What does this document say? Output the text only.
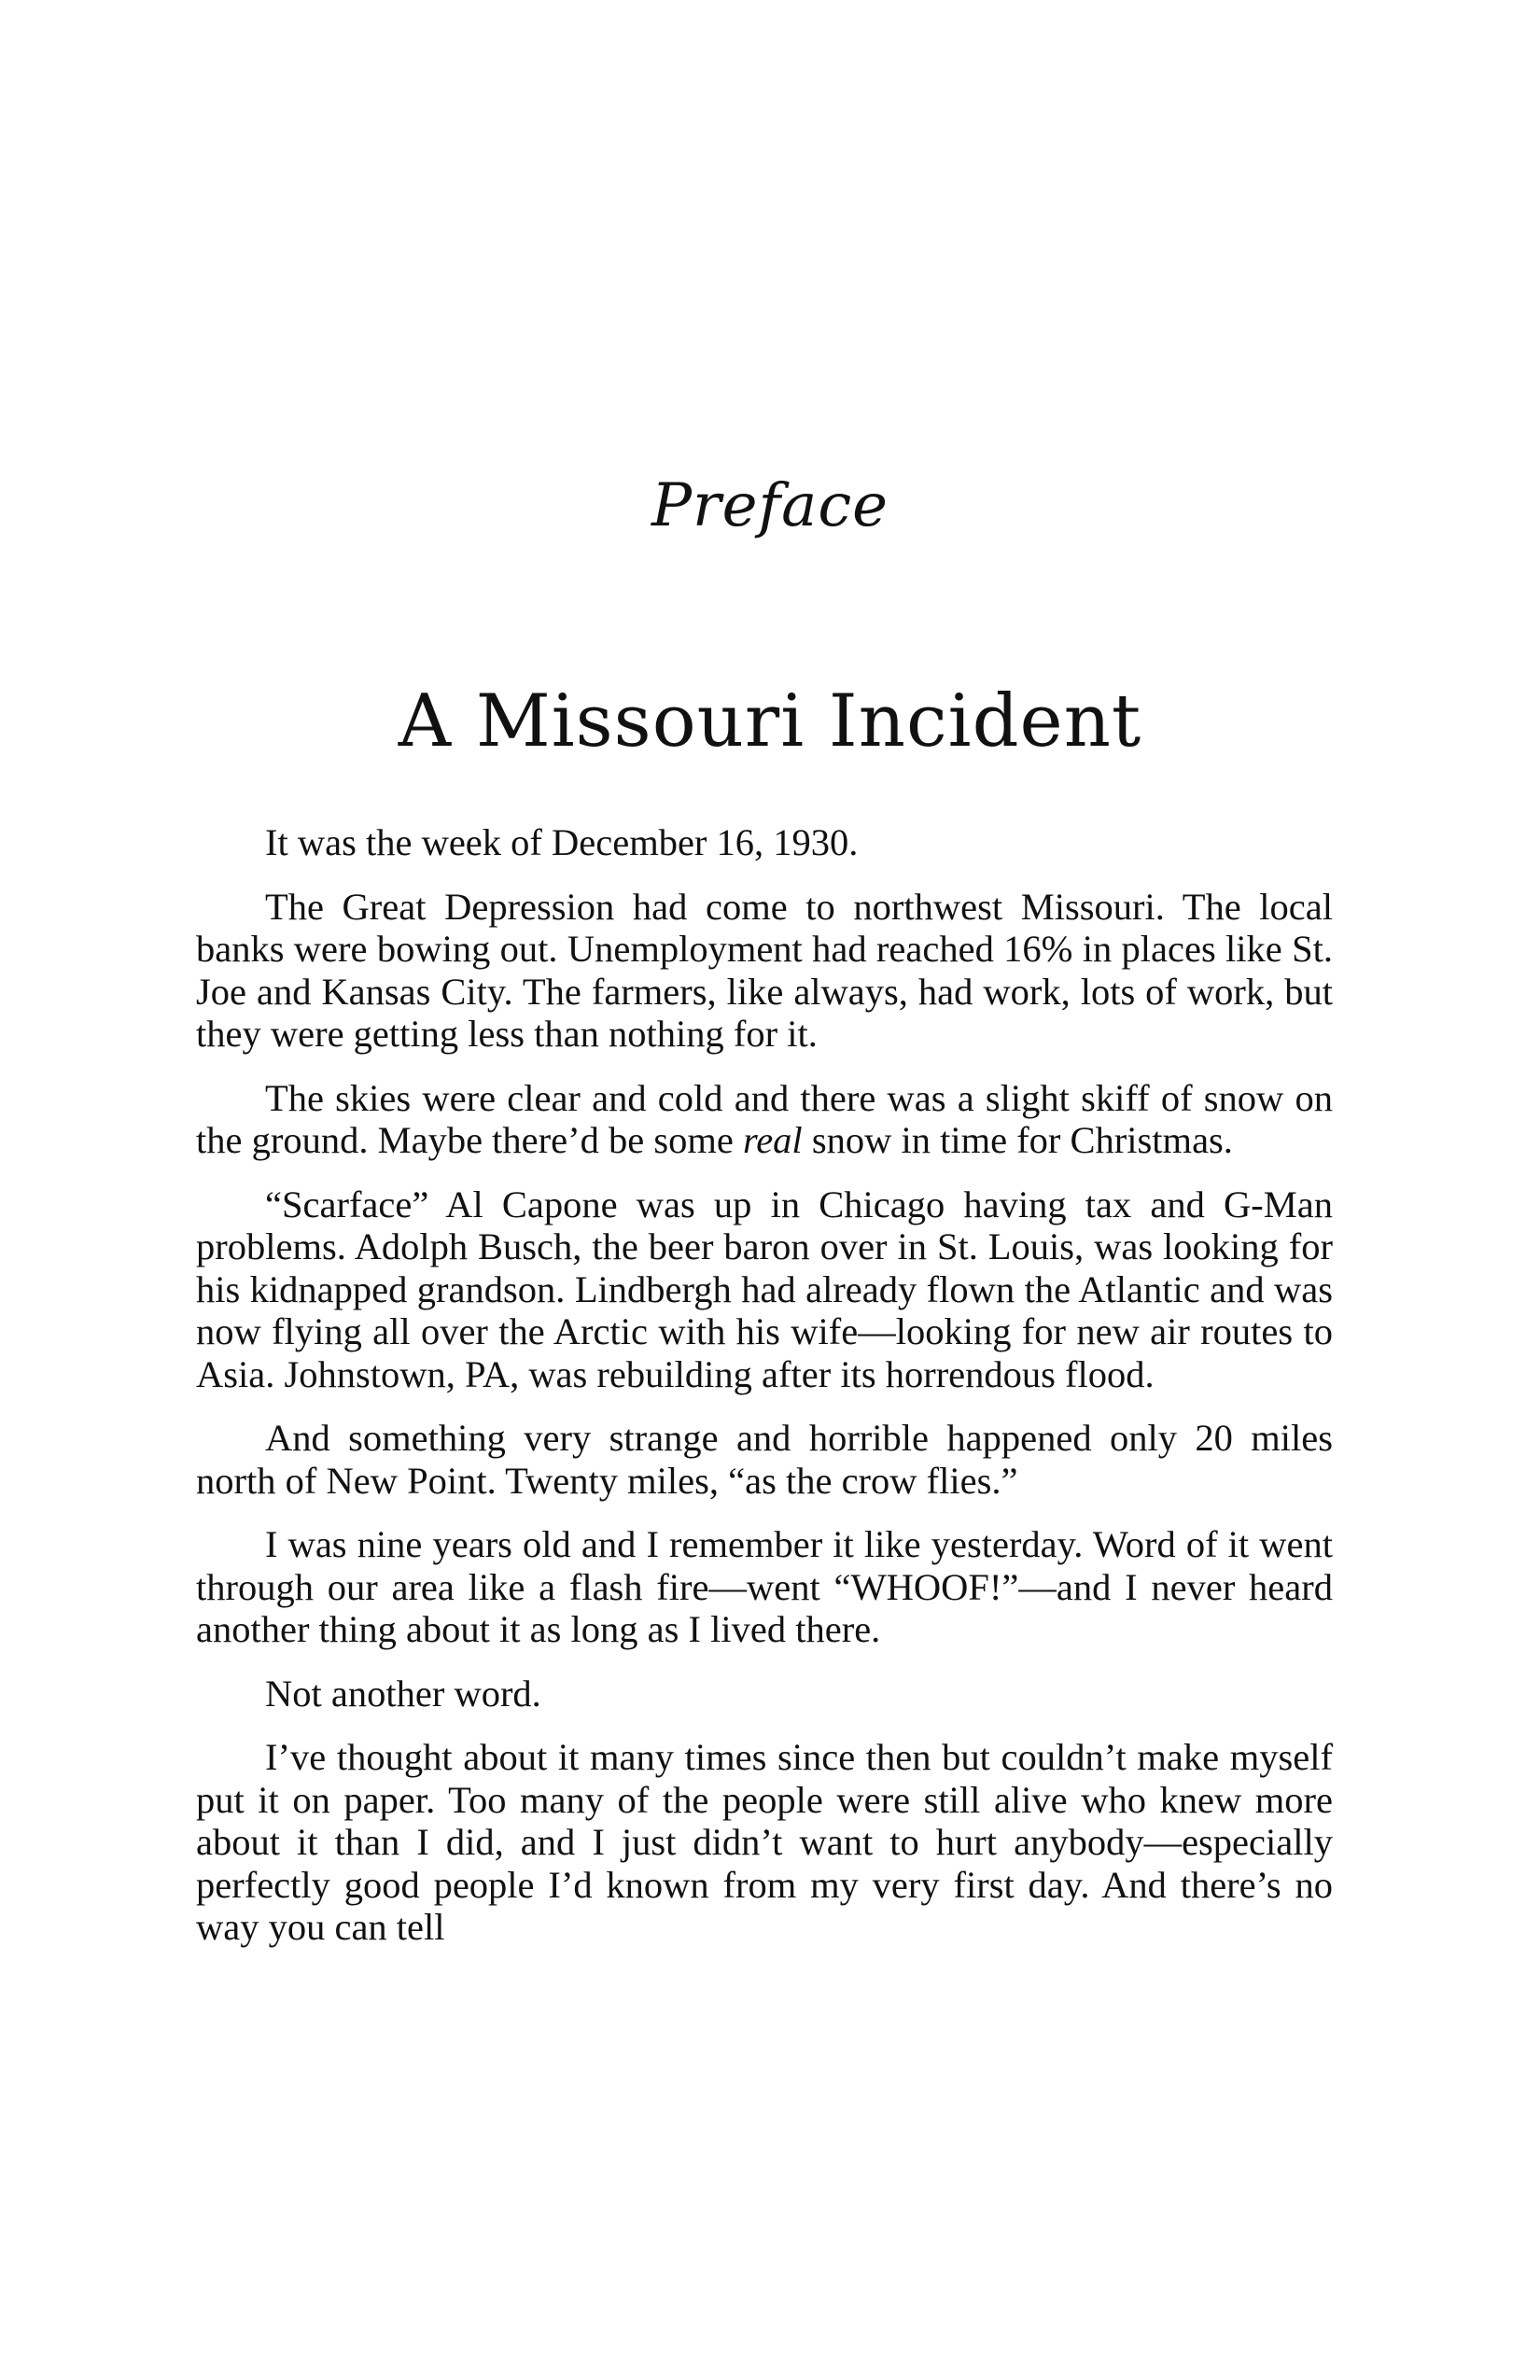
Preface
A Missouri Incident

It was the week of December 16, 1930.

The Great Depression had come to northwest Missouri. The local banks were bowing out. Unemployment had reached 16% in places like St. Joe and Kansas City. The farmers, like always, had work, lots of work, but they were getting less than nothing for it.

The skies were clear and cold and there was a slight skiff of snow on the ground. Maybe there’d be some real snow in time for Christmas.

“Scarface” Al Capone was up in Chicago having tax and G-Man problems. Adolph Busch, the beer baron over in St. Louis, was looking for his kidnapped grandson. Lindbergh had already flown the Atlantic and was now flying all over the Arctic with his wife—looking for new air routes to Asia. Johnstown, PA, was rebuilding after its horrendous flood.

And something very strange and horrible happened only 20 miles north of New Point. Twenty miles, “as the crow flies.”

I was nine years old and I remember it like yesterday. Word of it went through our area like a flash fire—went “WHOOF!”—and I never heard another thing about it as long as I lived there.

Not another word.

I’ve thought about it many times since then but couldn’t make myself put it on paper. Too many of the people were still alive who knew more about it than I did, and I just didn’t want to hurt anybody—especially perfectly good people I’d known from my very first day. And there’s no way you can tell
